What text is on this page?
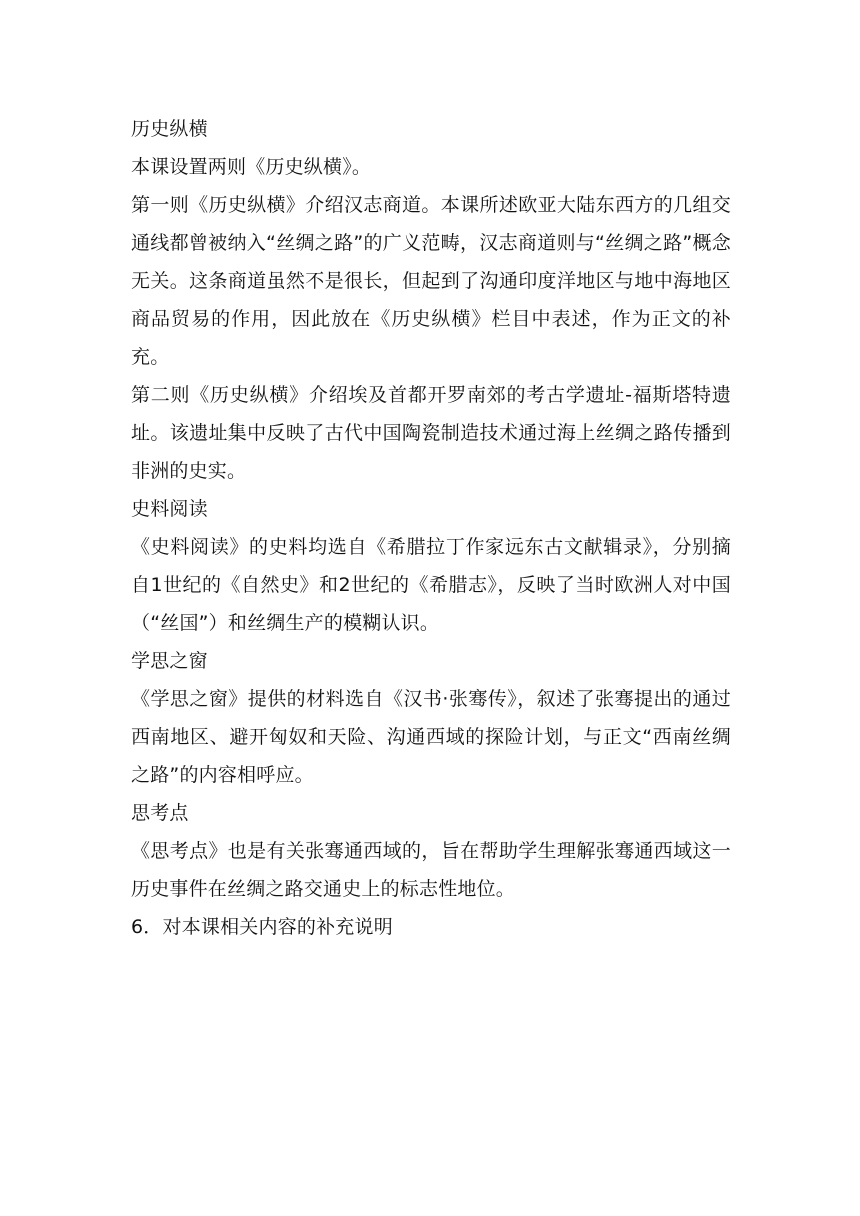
历史纵横

本课设置两则《历史纵横》。

第一则《历史纵横》介绍汉志商道。本课所述欧亚大陆东西方的几组交通线都曾被纳入“丝绸之路”的广义范畴，汉志商道则与“丝绸之路”概念无关。这条商道虽然不是很长，但起到了沟通印度洋地区与地中海地区商品贸易的作用，因此放在《历史纵横》栏目中表述，作为正文的补充。

第二则《历史纵横》介绍埃及首都开罗南郊的考古学遗址-福斯塔特遗址。该遗址集中反映了古代中国陶瓷制造技术通过海上丝绸之路传播到非洲的史实。

史料阅读

《史料阅读》的史料均选自《希腊拉丁作家远东古文献辑录》，分别摘自1世纪的《自然史》和2世纪的《希腊志》，反映了当时欧洲人对中国（“丝国”）和丝绸生产的模糊认识。

学思之窗

《学思之窗》提供的材料选自《汉书·张骞传》，叙述了张骞提出的通过西南地区、避开匈奴和天险、沟通西域的探险计划，与正文“西南丝绸之路”的内容相呼应。

思考点

《思考点》也是有关张骞通西域的，旨在帮助学生理解张骞通西域这一历史事件在丝绸之路交通史上的标志性地位。

6．对本课相关内容的补充说明
